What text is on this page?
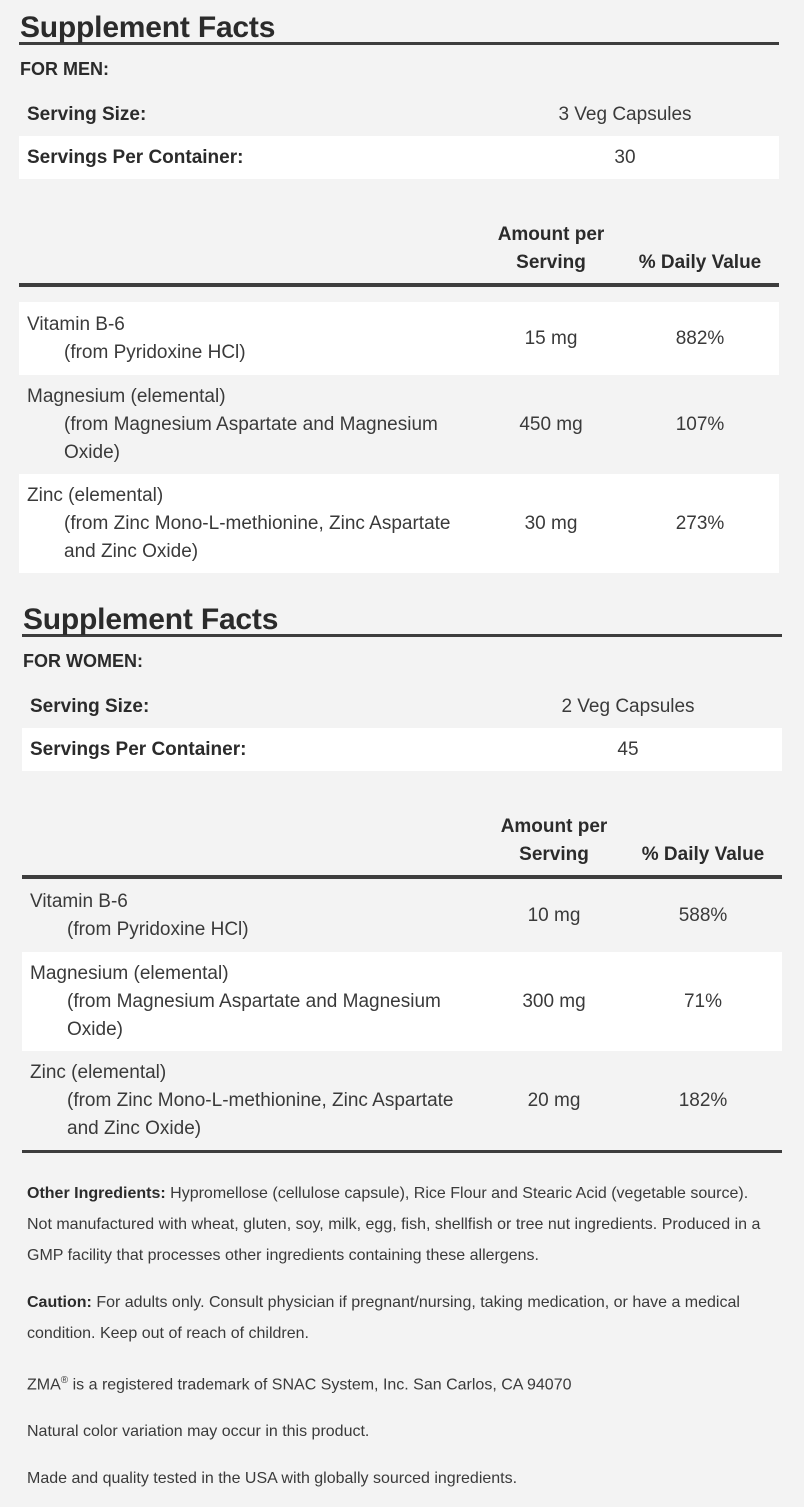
Supplement Facts
FOR MEN:
Serving Size:	3 Veg Capsules
Servings Per Container:	30
Amount per
Serving	% Daily Value
Vitamin B-6
(from Pyridoxine HCl)
15 mg	882%
Magnesium (elemental)
(from Magnesium Aspartate and Magnesium Oxide)
450 mg	107%
Zinc (elemental)
(from Zinc Mono-L-methionine, Zinc Aspartate and Zinc Oxide)
30 mg	273%
Supplement Facts
FOR WOMEN:
Serving Size:	2 Veg Capsules
Servings Per Container:	45
Amount per
Serving	% Daily Value
Vitamin B-6
(from Pyridoxine HCl)
10 mg	588%
Magnesium (elemental)
(from Magnesium Aspartate and Magnesium Oxide)
300 mg	71%
Zinc (elemental)
(from Zinc Mono-L-methionine, Zinc Aspartate and Zinc Oxide)
20 mg	182%

Other Ingredients: Hypromellose (cellulose capsule), Rice Flour and Stearic Acid (vegetable source).

Not manufactured with wheat, gluten, soy, milk, egg, fish, shellfish or tree nut ingredients. Produced in a GMP facility that processes other ingredients containing these allergens.

Caution: For adults only. Consult physician if pregnant/nursing, taking medication, or have a medical condition. Keep out of reach of children.

ZMA® is a registered trademark of SNAC System, Inc. San Carlos, CA 94070

Natural color variation may occur in this product.

Made and quality tested in the USA with globally sourced ingredients.
